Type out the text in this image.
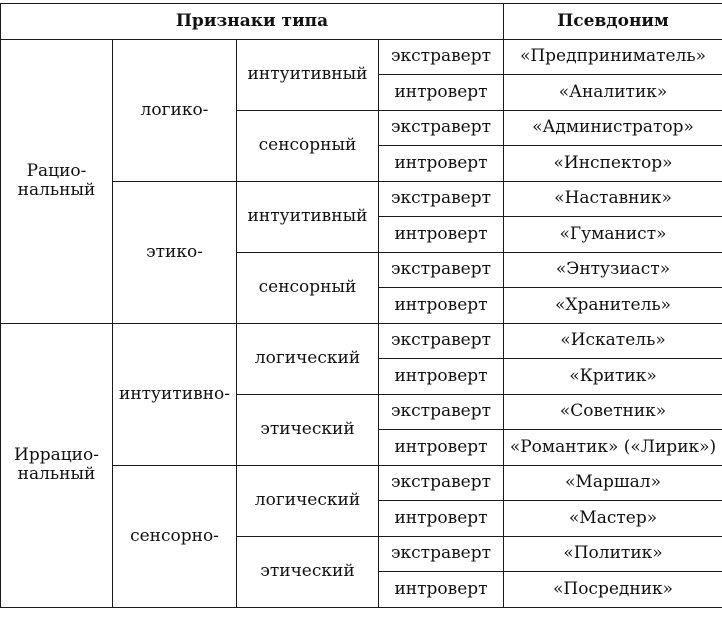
Признаки типа				Псевдоним
Рацио-
нальный	логико-	интуитивный	экстраверт	«Предприниматель»
			интроверт	«Аналитик»
		сенсорный	экстраверт	«Администратор»
			интроверт	«Инспектор»
	этико-	интуитивный	экстраверт	«Наставник»
			интроверт	«Гуманист»
		сенсорный	экстраверт	«Энтузиаст»
			интроверт	«Хранитель»
Иррацио-
нальный	интуитивно-	логический	экстраверт	«Искатель»
			интроверт	«Критик»
		этический	экстраверт	«Советник»
			интроверт	«Романтик» («Лирик»)
	сенсорно-	логический	экстраверт	«Маршал»
			интроверт	«Мастер»
		этический	экстраверт	«Политик»
			интроверт	«Посредник»
